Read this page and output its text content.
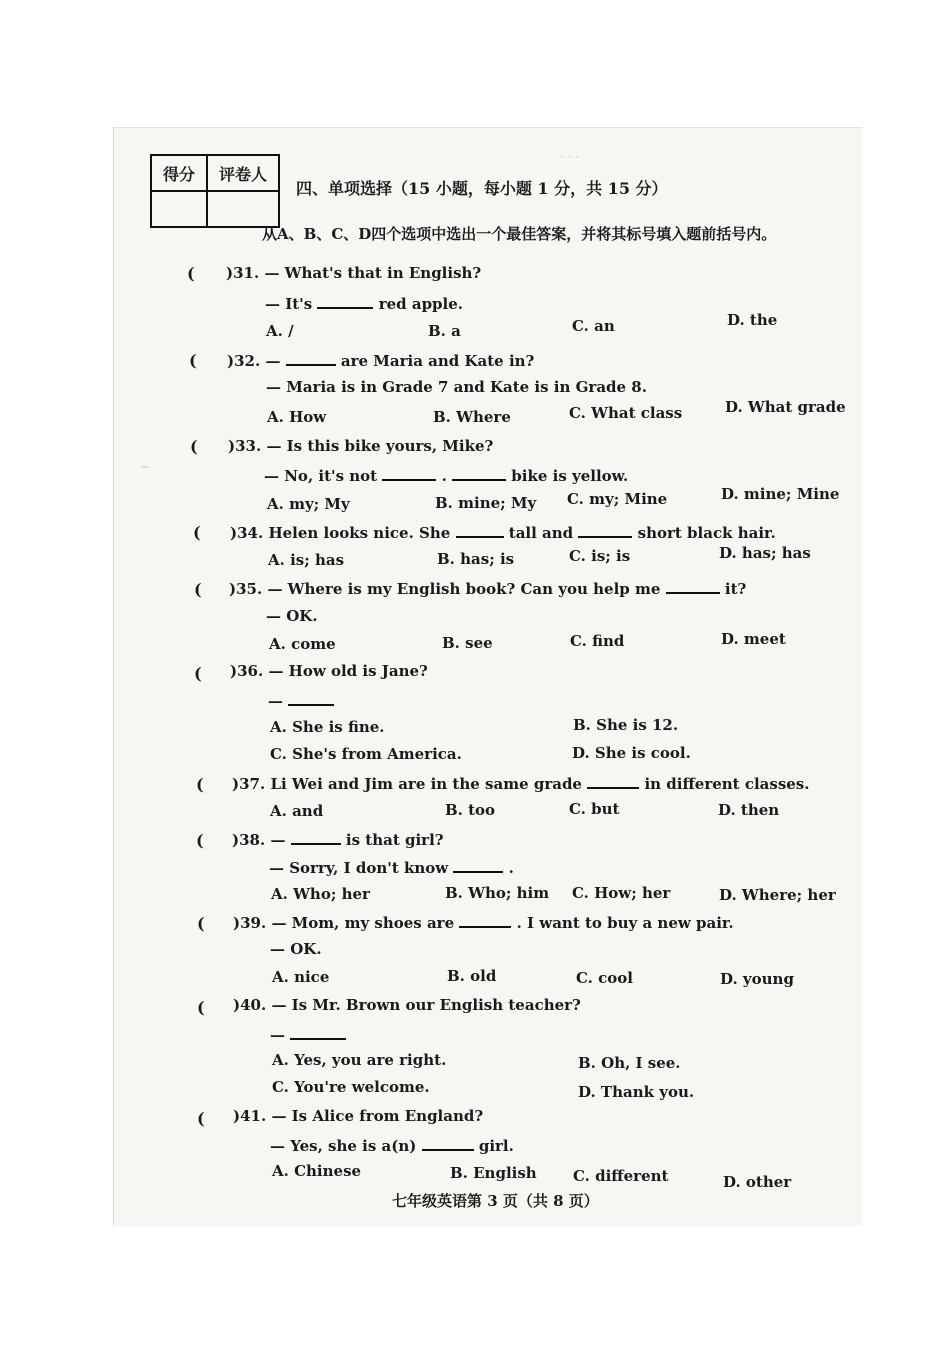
· · ·
~
得分	评卷人

四、单项选择（15 小题，每小题 1 分，共 15 分）
从A、B、C、D四个选项中选出一个最佳答案，并将其标号填入题前括号内。
( )31. — What's that in English?
— It's	red apple.
A. /	B. a	C. an	D. the
( )32. —	are Maria and Kate in?
— Maria is in Grade 7 and Kate is in Grade 8.
A. How	B. Where	C. What class	D. What grade
( )33. — Is this bike yours, Mike?
— No, it's not	.	bike is yellow.
A. my; My	B. mine; My C. my; Mine	D. mine; Mine
( )34. Helen looks nice. She	tall and	short black hair.
A. is; has	B. has; is	C. is; is	D. has; has
( )35. — Where is my English book? Can you help me	it?
— OK.
A. come	B. see	C. find	D. meet
( )36. — How old is Jane?
—
A. She is fine.	B. She is 12.
C. She's from America.	D. She is cool.
( )37. Li Wei and Jim are in the same grade	in different classes.
A. and	B. too	C. but	D. then
( )38. —	is that girl?
— Sorry, I don't know	.
A. Who; her	B. Who; him C. How; her	D. Where; her
( )39. — Mom, my shoes are	. I want to buy a new pair.
— OK.
A. nice	B. old	C. cool	D. young
( )40. — Is Mr. Brown our English teacher?
—
A. Yes, you are right.	B. Oh, I see.
C. You're welcome.	D. Thank you.
( )41. — Is Alice from England?
— Yes, she is a(n)	girl.
A. Chinese	B. English C. different	D. other
七年级英语第 3 页（共 8 页）
